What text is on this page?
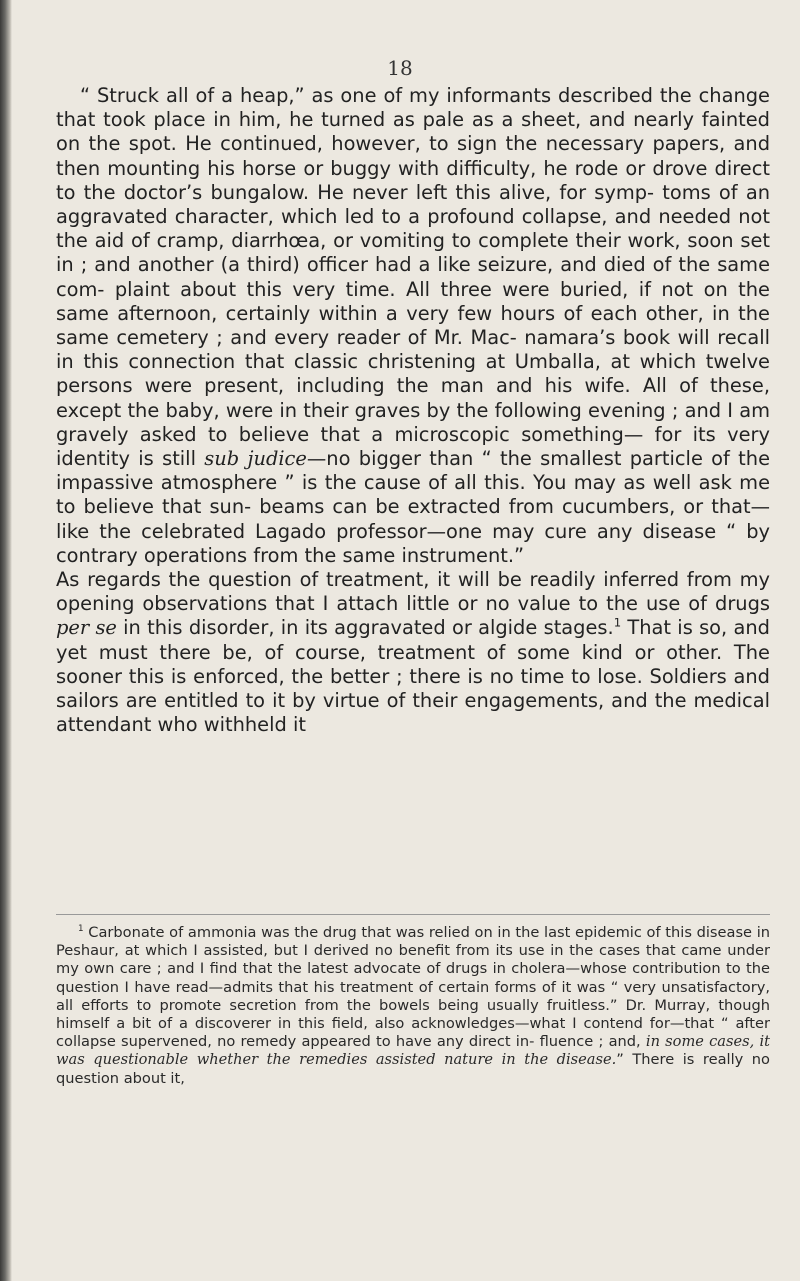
18

“ Struck all of a heap,” as one of my informants described the change that took place in him, he turned as pale as a sheet, and nearly fainted on the spot. He continued, however, to sign the necessary papers, and then mounting his horse or buggy with difficulty, he rode or drove direct to the doctor’s bungalow. He never left this alive, for symp- toms of an aggravated character, which led to a profound collapse, and needed not the aid of cramp, diarrhœa, or vomiting to complete their work, soon set in ; and another (a third) officer had a like seizure, and died of the same com- plaint about this very time. All three were buried, if not on the same afternoon, certainly within a very few hours of each other, in the same cemetery ; and every reader of Mr. Mac- namara’s book will recall in this connection that classic christening at Umballa, at which twelve persons were present, including the man and his wife. All of these, except the baby, were in their graves by the following evening ; and I am gravely asked to believe that a microscopic something— for its very identity is still sub judice—no bigger than “ the smallest particle of the impassive atmosphere ” is the cause of all this. You may as well ask me to believe that sun- beams can be extracted from cucumbers, or that—like the celebrated Lagado professor—one may cure any disease “ by contrary operations from the same instrument.”

As regards the question of treatment, it will be readily inferred from my opening observations that I attach little or no value to the use of drugs per se in this disorder, in its aggravated or algide stages.$^1$ That is so, and yet must there be, of course, treatment of some kind or other. The sooner this is enforced, the better ; there is no time to lose. Soldiers and sailors are entitled to it by virtue of their engagements, and the medical attendant who withheld it

$^1$ Carbonate of ammonia was the drug that was relied on in the last epidemic of this disease in Peshaur, at which I assisted, but I derived no benefit from its use in the cases that came under my own care ; and I find that the latest advocate of drugs in cholera—whose contribution to the question I have read—admits that his treatment of certain forms of it was “ very unsatisfactory, all efforts to promote secretion from the bowels being usually fruitless.” Dr. Murray, though himself a bit of a discoverer in this field, also acknowledges—what I contend for—that “ after collapse supervened, no remedy appeared to have any direct in- fluence ; and, in some cases, it was questionable whether the remedies assisted nature in the disease.” There is really no question about it,
